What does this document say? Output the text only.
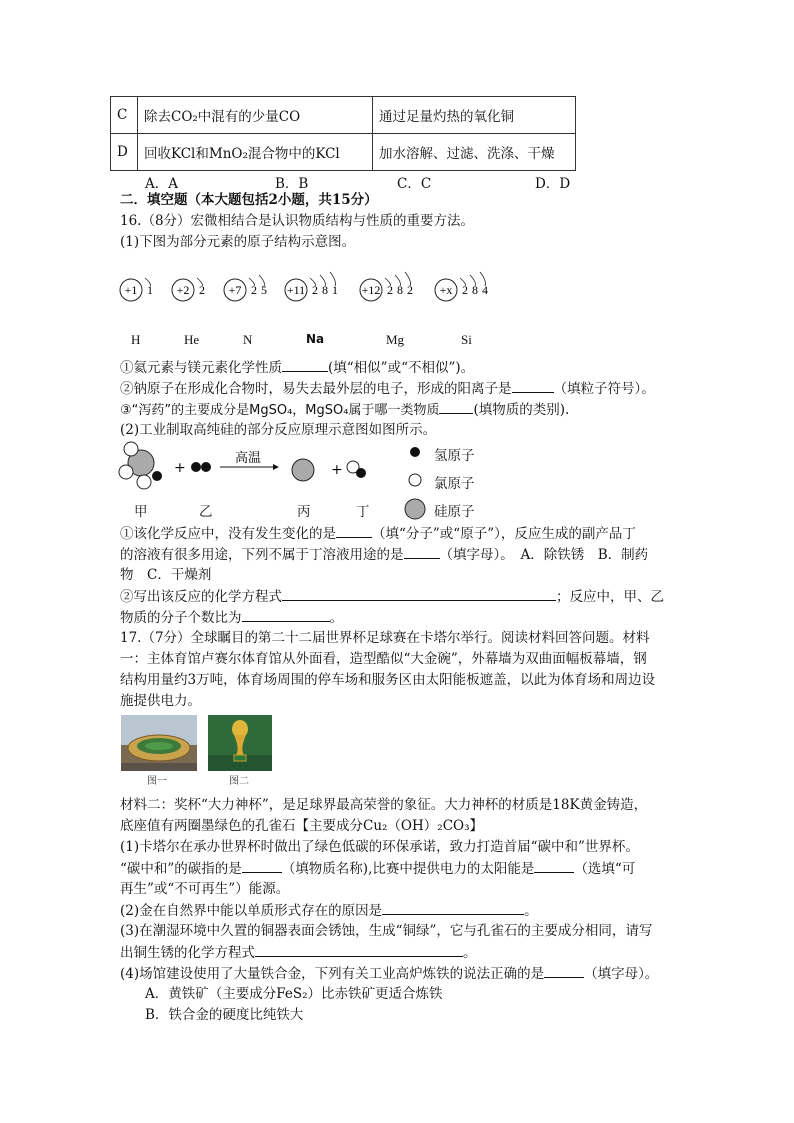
C	除去CO₂中混有的少量CO	通过足量灼热的氧化铜
D	回收KCl和MnO₂混合物中的KCl	加水溶解、过滤、洗涤、干燥
A．A	B．B	C．C	D．D
二．填空题（本大题包括2小题，共15分）
16.（8分）宏微相结合是认识物质结构与性质的重要方法。
(1)下图为部分元素的原子结构示意图。
+1 1 +2 2 +7 2 5 +11 2 8 1 +12 2 8 2 +x 2 8 4
H	He	N	Na	Mg	Si
①氦元素与镁元素化学性质	(填“相似”或“不相似”)。
②钠原子在形成化合物时，易失去最外层的电子，形成的阳离子是	（填粒子符号）。
③“泻药”的主要成分是MgSO₄，MgSO₄属于哪一类物质	(填物质的类别).
(2)工业制取高纯硅的部分反应原理示意图如图所示。
+
高温
+
氢原子
氯原子
硅原子
甲	乙	丙	丁
①该化学反应中，没有发生变化的是	（填“分子”或“原子”），反应生成的副产品丁
的溶液有很多用途，下列不属于丁溶液用途的是	（填字母）。　A．除铁锈　B．制药
物　C．干燥剂
②写出该反应的化学方程式	；反应中，甲、乙
物质的分子个数比为	。
17.（7分）全球瞩目的第二十二届世界杯足球赛在卡塔尔举行。阅读材料回答问题。材料
一：主体育馆卢赛尔体育馆从外面看，造型酷似“大金碗”，外幕墙为双曲面幅板幕墙，钢
结构用量约3万吨，体育场周围的停车场和服务区由太阳能板遮盖，以此为体育场和周边设
施提供电力。
图一	图二
材料二：奖杯“大力神杯”，是足球界最高荣誉的象征。大力神杯的材质是18K黄金铸造，
底座值有两圈墨绿色的孔雀石【主要成分Cu₂（OH）₂CO₃】
(1)卡塔尔在承办世界杯时做出了绿色低碳的环保承诺，致力打造首届“碳中和”世界杯。
“碳中和”的碳指的是	（填物质名称),比赛中提供电力的太阳能是	（选填“可
再生”或“不可再生”）能源。
(2)金在自然界中能以单质形式存在的原因是	。
(3)在潮湿环境中久置的铜器表面会锈蚀，生成“铜绿”，它与孔雀石的主要成分相同，请写
出铜生锈的化学方程式	。
(4)场馆建设使用了大量铁合金，下列有关工业高炉炼铁的说法正确的是	（填字母）。
A．黄铁矿（主要成分FeS₂）比赤铁矿更适合炼铁
B．铁合金的硬度比纯铁大
